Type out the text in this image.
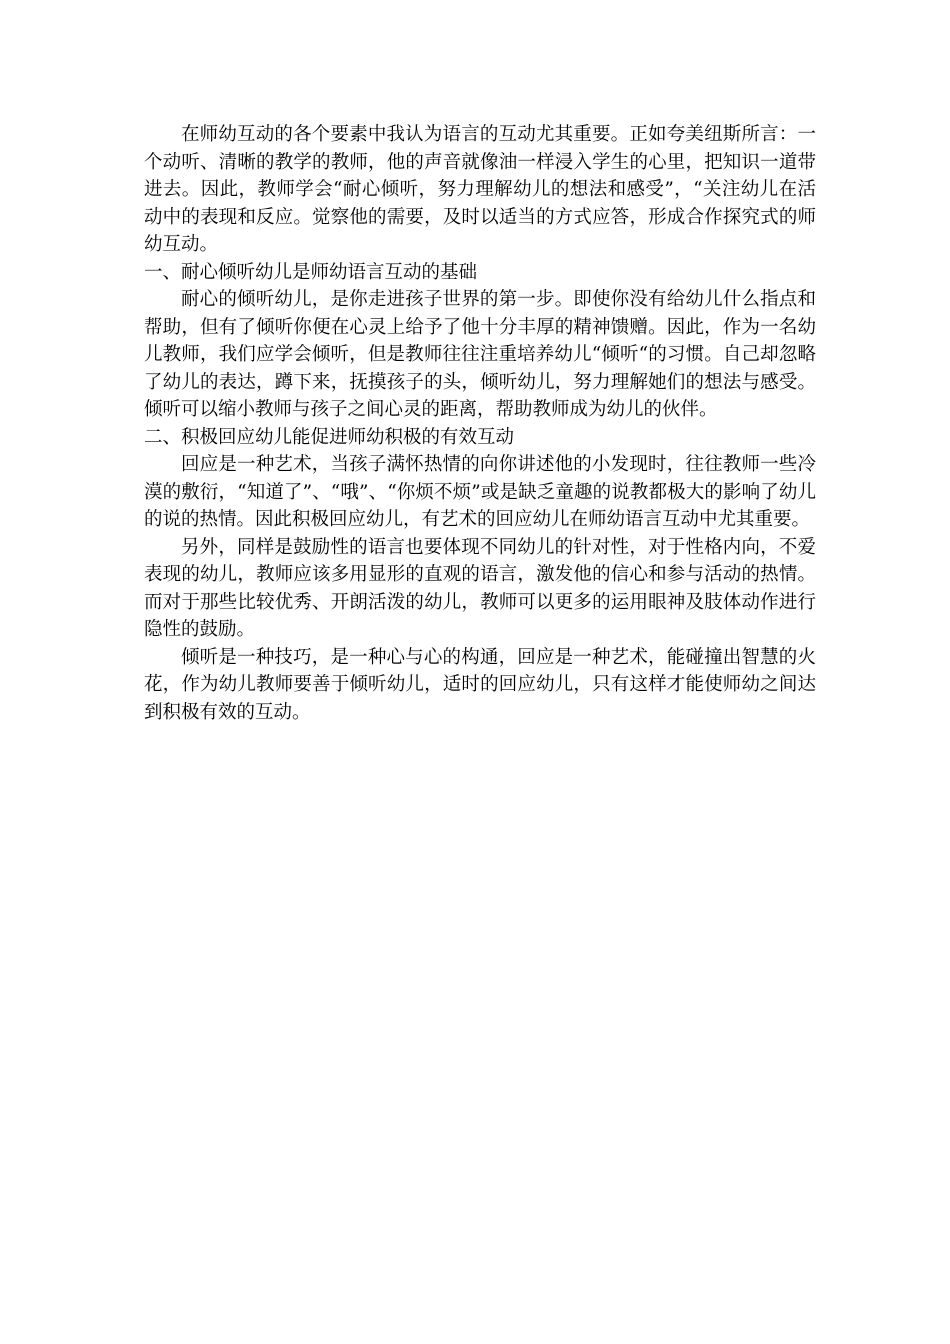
在师幼互动的各个要素中我认为语言的互动尤其重要。正如夸美纽斯所言：一个动听、清晰的教学的教师，他的声音就像油一样浸入学生的心里，把知识一道带进去。因此，教师学会“耐心倾听，努力理解幼儿的想法和感受”，“关注幼儿在活动中的表现和反应。觉察他的需要，及时以适当的方式应答，形成合作探究式的师幼互动。

一、耐心倾听幼儿是师幼语言互动的基础

耐心的倾听幼儿，是你走进孩子世界的第一步。即使你没有给幼儿什么指点和帮助，但有了倾听你便在心灵上给予了他十分丰厚的精神馈赠。因此，作为一名幼儿教师，我们应学会倾听，但是教师往往注重培养幼儿“倾听“的习惯。自己却忽略了幼儿的表达，蹲下来，抚摸孩子的头，倾听幼儿，努力理解她们的想法与感受。倾听可以缩小教师与孩子之间心灵的距离，帮助教师成为幼儿的伙伴。

二、积极回应幼儿能促进师幼积极的有效互动

回应是一种艺术，当孩子满怀热情的向你讲述他的小发现时，往往教师一些冷漠的敷衍，“知道了”、“哦”、“你烦不烦”或是缺乏童趣的说教都极大的影响了幼儿的说的热情。因此积极回应幼儿，有艺术的回应幼儿在师幼语言互动中尤其重要。

另外，同样是鼓励性的语言也要体现不同幼儿的针对性，对于性格内向，不爱表现的幼儿，教师应该多用显形的直观的语言，激发他的信心和参与活动的热情。而对于那些比较优秀、开朗活泼的幼儿，教师可以更多的运用眼神及肢体动作进行隐性的鼓励。

倾听是一种技巧，是一种心与心的构通，回应是一种艺术，能碰撞出智慧的火花，作为幼儿教师要善于倾听幼儿，适时的回应幼儿，只有这样才能使师幼之间达到积极有效的互动。
